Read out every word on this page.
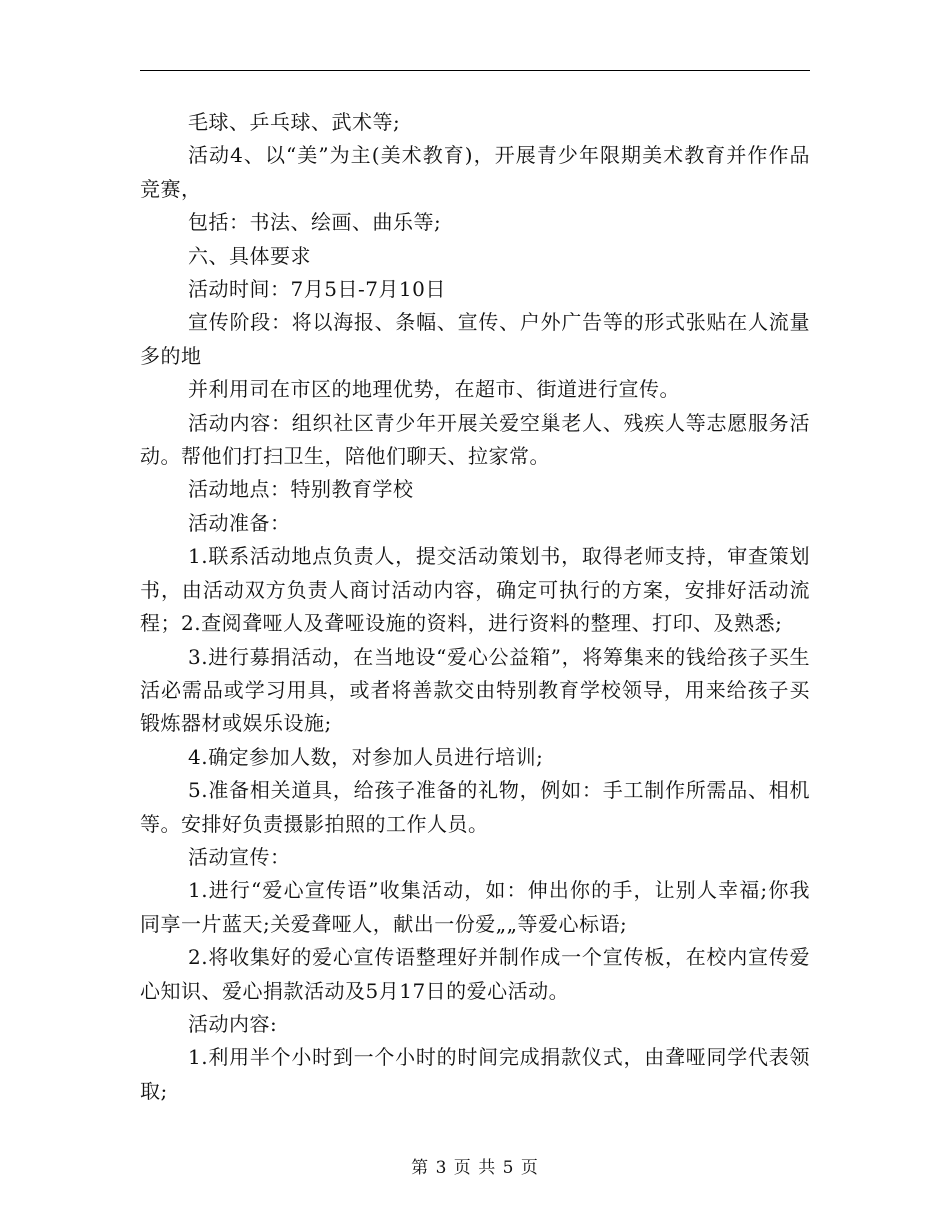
毛球、乒乓球、武术等;

活动4、以“美”为主(美术教育)，开展青少年限期美术教育并作作品竞赛，

包括：书法、绘画、曲乐等;

六、具体要求

活动时间：7月5日-7月10日

宣传阶段：将以海报、条幅、宣传、户外广告等的形式张贴在人流量多的地

并利用司在市区的地理优势，在超市、街道进行宣传。

活动内容：组织社区青少年开展关爱空巢老人、残疾人等志愿服务活动。帮他们打扫卫生，陪他们聊天、拉家常。

活动地点：特别教育学校

活动准备：

1.联系活动地点负责人，提交活动策划书，取得老师支持，审查策划书，由活动双方负责人商讨活动内容，确定可执行的方案，安排好活动流程；2.查阅聋哑人及聋哑设施的资料，进行资料的整理、打印、及熟悉;

3.进行募捐活动，在当地设“爱心公益箱”，将筹集来的钱给孩子买生活必需品或学习用具，或者将善款交由特别教育学校领导，用来给孩子买锻炼器材或娱乐设施;

4.确定参加人数，对参加人员进行培训;

5.准备相关道具，给孩子准备的礼物，例如：手工制作所需品、相机等。安排好负责摄影拍照的工作人员。

活动宣传：

1.进行“爱心宣传语”收集活动，如：伸出你的手，让别人幸福;你我同享一片蓝天;关爱聋哑人，献出一份爱„„等爱心标语;

2.将收集好的爱心宣传语整理好并制作成一个宣传板，在校内宣传爱心知识、爱心捐款活动及5月17日的爱心活动。

活动内容:

1.利用半个小时到一个小时的时间完成捐款仪式，由聋哑同学代表领取;

第 3 页 共 5 页
